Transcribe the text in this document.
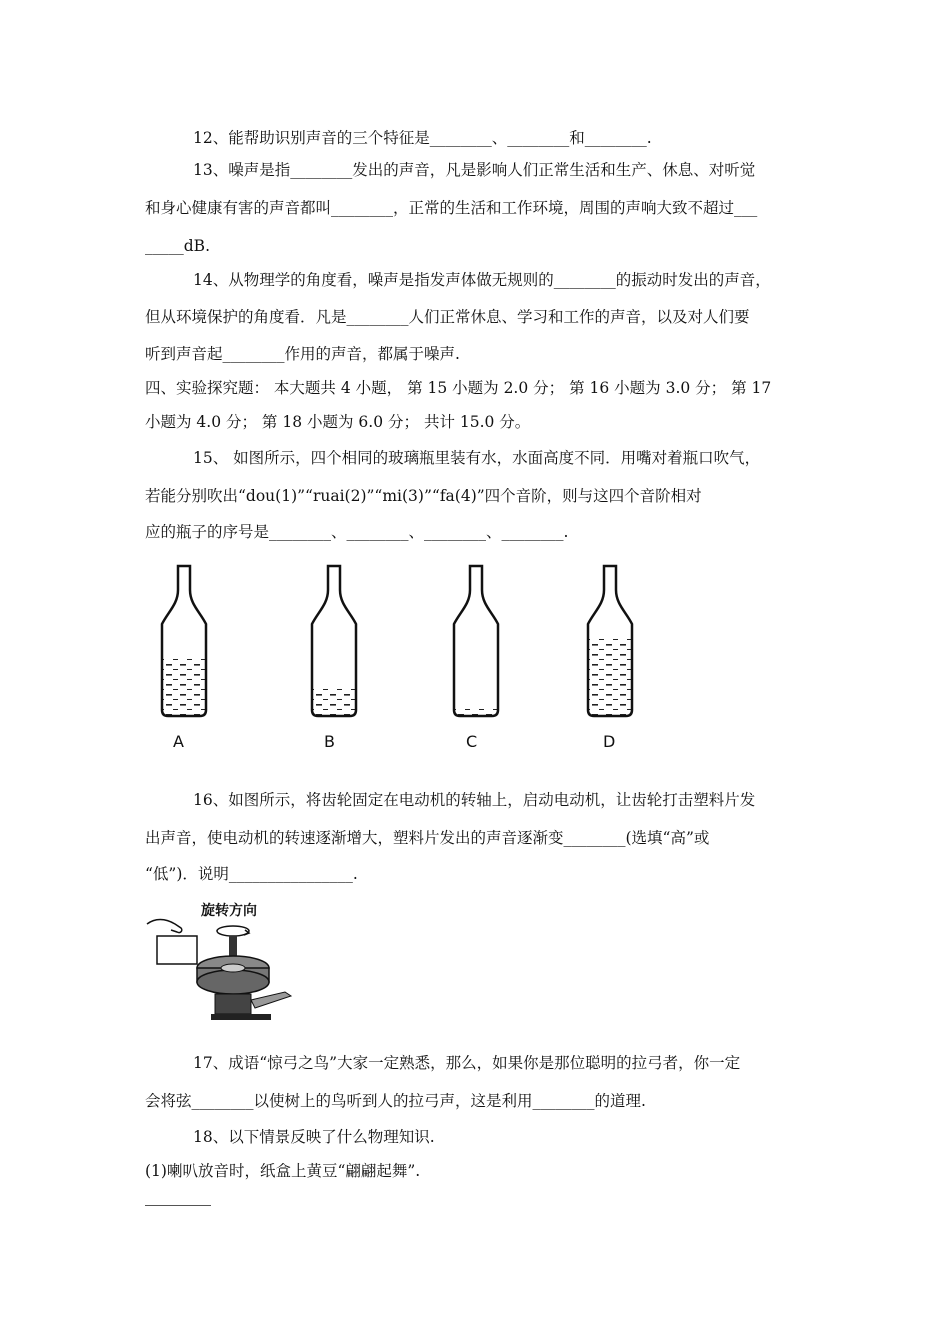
12、能帮助识别声音的三个特征是________、________和________.
13、噪声是指________发出的声音，凡是影响人们正常生活和生产、休息、对听觉
和身心健康有害的声音都叫________，正常的生活和工作环境，周围的声响大致不超过___
_____dB.
14、从物理学的角度看，噪声是指发声体做无规则的________的振动时发出的声音，
但从环境保护的角度看．凡是________人们正常休息、学习和工作的声音，以及对人们要
听到声音起________作用的声音，都属于噪声.
四、实验探究题： 本大题共 4 小题， 第 15 小题为 2.0 分； 第 16 小题为 3.0 分； 第 17
小题为 4.0 分； 第 18 小题为 6.0 分； 共计 15.0 分。
15、 如图所示，四个相同的玻璃瓶里装有水，水面高度不同．用嘴对着瓶口吹气，
若能分别吹出“dou(1)”“ruai(2)”“mi(3)”“fa(4)”四个音阶，则与这四个音阶相对
应的瓶子的序号是________、________、________、________.
A	B	C	D
16、如图所示，将齿轮固定在电动机的转轴上，启动电动机，让齿轮打击塑料片发
出声音，使电动机的转速逐渐增大，塑料片发出的声音逐渐变________(选填“高”或
“低”)．说明________________.
旋转方向
17、成语“惊弓之鸟”大家一定熟悉，那么，如果你是那位聪明的拉弓者，你一定
会将弦________以使树上的鸟听到人的拉弓声，这是利用________的道理.
18、以下情景反映了什么物理知识.
(1)喇叭放音时，纸盒上黄豆“翩翩起舞”.
